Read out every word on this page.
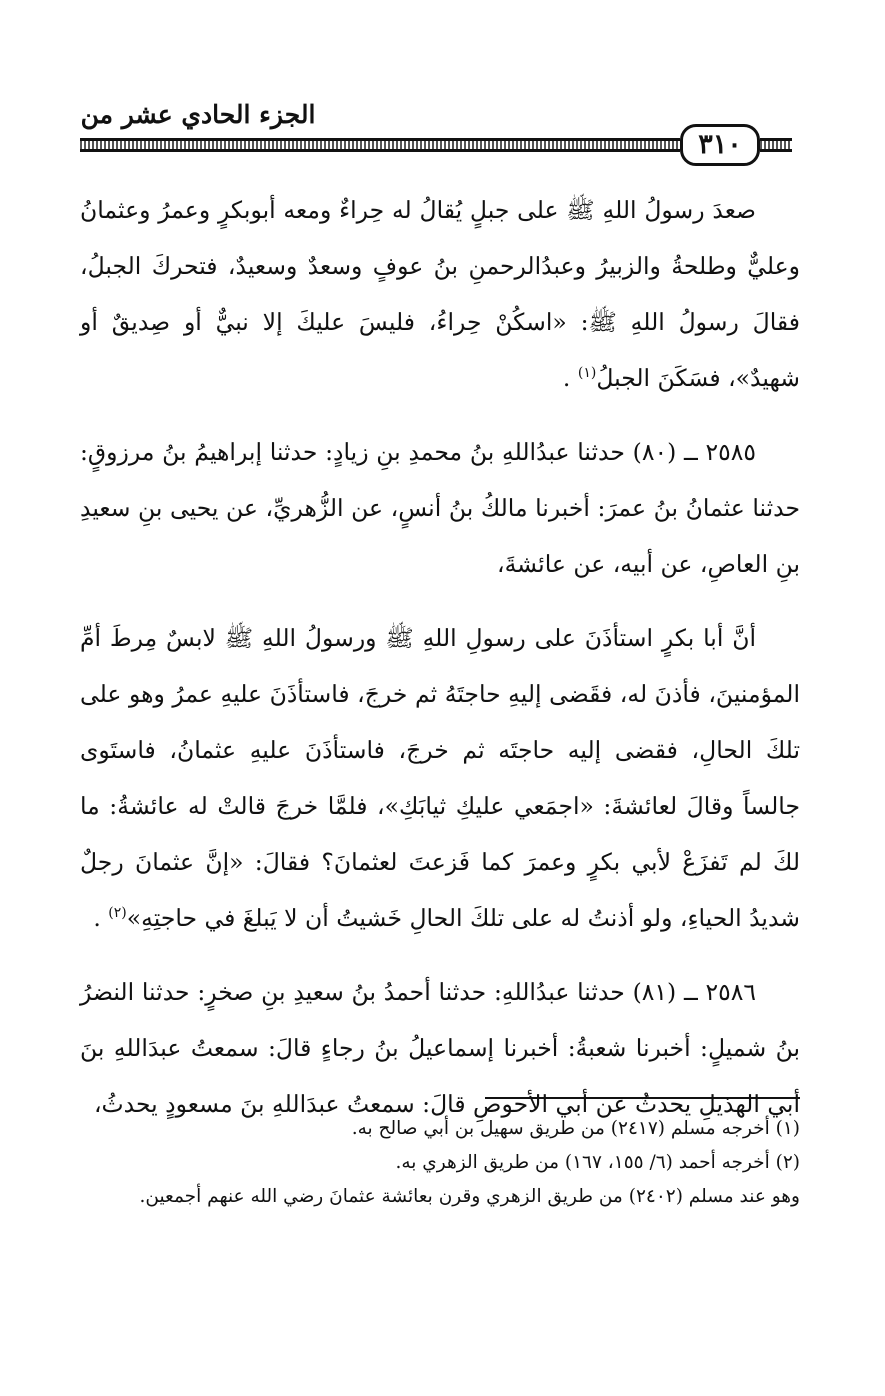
الجزء الحادي عشر من
٣١٠

صعدَ رسولُ اللهِ ﷺ على جبلٍ يُقالُ له حِراءٌ ومعه أبوبكرٍ وعمرُ وعثمانُ وعليٌّ وطلحةُ والزبيرُ وعبدُالرحمنِ بنُ عوفٍ وسعدٌ وسعيدٌ، فتحركَ الجبلُ، فقالَ رسولُ اللهِ ﷺ: «اسكُنْ حِراءُ، فليسَ عليكَ إلا نبيٌّ أو صِديقٌ أو شهيدٌ»، فسَكَنَ الجبلُ$^{(١)}$ .

٢٥٨٥ ــ (٨٠) حدثنا عبدُاللهِ بنُ محمدِ بنِ زيادٍ: حدثنا إبراهيمُ بنُ مرزوقٍ: حدثنا عثمانُ بنُ عمرَ: أخبرنا مالكُ بنُ أنسٍ، عن الزُّهريِّ، عن يحيى بنِ سعيدِ بنِ العاصِ، عن أبيه، عن عائشةَ،

أنَّ أبا بكرٍ استأذَنَ على رسولِ اللهِ ﷺ ورسولُ اللهِ ﷺ لابسٌ مِرطَ أمِّ المؤمنينَ، فأذنَ له، فقَضى إليهِ حاجتَهُ ثم خرجَ، فاستأذَنَ عليهِ عمرُ وهو على تلكَ الحالِ، فقضى إليه حاجتَه ثم خرجَ، فاستأذَنَ عليهِ عثمانُ، فاستَوى جالساً وقالَ لعائشةَ: «اجمَعي عليكِ ثيابَكِ»، فلمَّا خرجَ قالتْ له عائشةُ: ما لكَ لم تَفزَعْ لأبي بكرٍ وعمرَ كما فَزعتَ لعثمانَ؟ فقالَ: «إنَّ عثمانَ رجلٌ شديدُ الحياءِ، ولو أذنتُ له على تلكَ الحالِ خَشيتُ أن لا يَبلغَ في حاجتِهِ»$^{(٢)}$ .

٢٥٨٦ ــ (٨١) حدثنا عبدُاللهِ: حدثنا أحمدُ بنُ سعيدِ بنِ صخرٍ: حدثنا النضرُ بنُ شميلٍ: أخبرنا شعبةُ: أخبرنا إسماعيلُ بنُ رجاءٍ قالَ: سمعتُ عبدَاللهِ بنَ أبي الهذيلِ يحدثُ عن أبي الأحوصِ قالَ: سمعتُ عبدَاللهِ بنَ مسعودٍ يحدثُ،

(١) أخرجه مسلم (٢٤١٧) من طريق سهيل بن أبي صالح به.

(٢) أخرجه أحمد (٦/ ١٥٥، ١٦٧) من طريق الزهري به.

وهو عند مسلم (٢٤٠٢) من طريق الزهري وقرن بعائشة عثمانَ رضي الله عنهم أجمعين.
